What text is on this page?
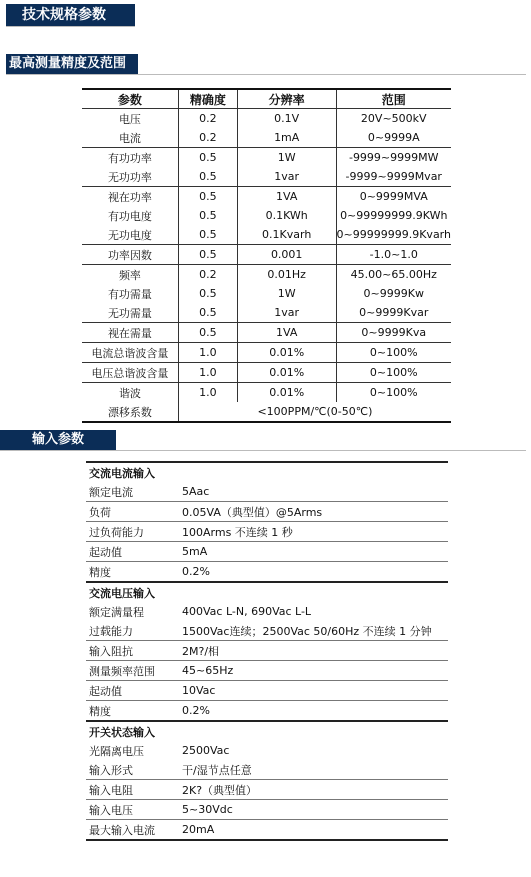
技术规格参数
最高测量精度及范围
参数	精确度	分辨率	范围
电压	0.2	0.1V	20V~500kV
电流	0.2	1mA	0~9999A
有功功率	0.5	1W	-9999~9999MW
无功功率	0.5	1var	-9999~9999Mvar
视在功率	0.5	1VA	0~9999MVA
有功电度	0.5	0.1KWh	0~99999999.9KWh
无功电度	0.5	0.1Kvarh	0~99999999.9Kvarh
功率因数	0.5	0.001	-1.0~1.0
频率	0.2	0.01Hz	45.00~65.00Hz
有功需量	0.5	1W	0~9999Kw
无功需量	0.5	1var	0~9999Kvar
视在需量	0.5	1VA	0~9999Kva
电流总谐波含量	1.0	0.01%	0~100%
电压总谐波含量	1.0	0.01%	0~100%
谐波	1.0	0.01%	0~100%
漂移系数	<100PPM/℃(0-50℃)		
输入参数
交流电流输入	
额定电流	5Aac
负荷	0.05VA（典型值）@5Arms
过负荷能力	100Arms 不连续 1 秒
起动值	5mA
精度	0.2%
交流电压输入	
额定满量程	400Vac L-N, 690Vac L-L
过载能力	1500Vac连续；2500Vac 50/60Hz 不连续 1 分钟
输入阻抗	2M?/相
测量频率范围	45~65Hz
起动值	10Vac
精度	0.2%
开关状态输入	
光隔离电压	2500Vac
输入形式	干/湿节点任意
输入电阻	2K?（典型值）
输入电压	5~30Vdc
最大输入电流	20mA
